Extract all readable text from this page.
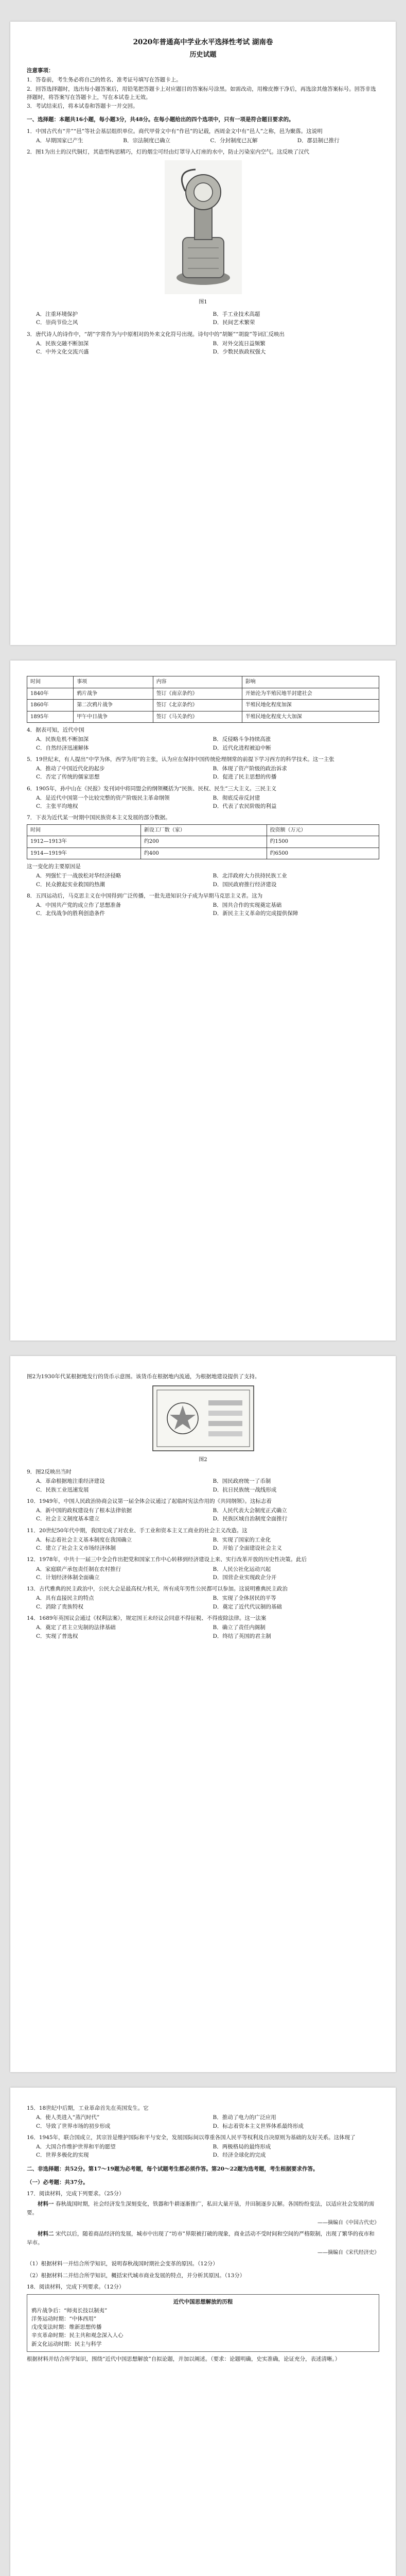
2020年普通高中学业水平选择性考试 湖南卷
历史试题
注意事项：

1．答卷前，考生务必将自己的姓名、准考证号填写在答题卡上。

2．回答选择题时，选出每小题答案后，用铅笔把答题卡上对应题目的答案标号涂黑。如需改动，用橡皮擦干净后，再选涂其他答案标号。回答非选择题时，将答案写在答题卡上，写在本试卷上无效。

3．考试结束后，将本试卷和答题卡一并交回。

一、选择题：本题共16小题，每小题3分，共48分。在每小题给出的四个选项中，只有一项是符合题目要求的。
1．中国古代有“井”“邑”等社会基层组织单位。商代甲骨文中有“作邑”的记载，西周金文中有“邑人”之称，邑为聚落。这说明
A．早期国家已产生	B．宗法制度已确立	C．分封制度已瓦解	D．郡县制已推行
2．图1为出土的汉代铜灯，其造型构思精巧，灯的烟尘可经由灯罩导入灯座的水中，防止污染室内空气。这反映了汉代
图1
A．注重环境保护	B．手工业技术高超
C．崇尚节俭之风	D．民间艺术繁荣
3．唐代诗人的诗作中，“胡”字常作为与中原相对的外来文化符号出现。诗句中的“胡姬”“胡旋”等词汇反映出
A．民族交融不断加深	B．对外交流日益频繁
C．中外文化交流兴盛	D．少数民族政权强大
时间	事项	内容	影响
1840年	鸦片战争	签订《南京条约》	开始沦为半殖民地半封建社会
1860年	第二次鸦片战争	签订《北京条约》	半殖民地化程度加深
1895年	甲午中日战争	签订《马关条约》	半殖民地化程度大大加深
4．据表可知，近代中国
A．民族危机不断加深	B．反侵略斗争持续高涨
C．自然经济迅速解体	D．近代化进程被迫中断
5．19世纪末，有人提出“中学为体，西学为用”的主张，认为应在保持中国传统伦理纲常的前提下学习西方的科学技术。这一主张
A．推动了中国近代化的起步	B．体现了资产阶级的政治诉求
C．否定了传统的儒家思想	D．促进了民主思想的传播
6．1905年，孙中山在《民报》发刊词中将同盟会的纲领概括为“民族、民权、民生”三大主义。三民主义
A．是近代中国第一个比较完整的资产阶级民主革命纲领	B．彻底反帝反封建
C．主张平均地权	D．代表了农民阶级的利益
7．下表为近代某一时期中国民族资本主义发展的部分数据。
时间	新设工厂数（家）	投资额（万元）
1912—1913年	约200	约1500
1914—1919年	约400	约6500
这一变化的主要原因是
A．列强忙于一战放松对华经济侵略	B．北洋政府大力扶持民族工业
C．民众掀起实业救国的热潮	D．国民政府推行经济建设
8．五四运动后，马克思主义在中国得到广泛传播，一批先进知识分子成为早期马克思主义者。这为
A．中国共产党的成立作了思想准备	B．国共合作的实现奠定基础
C．北伐战争的胜利创造条件	D．新民主主义革命的完成提供保障
图2为1930年代某根据地发行的货币示意图。该货币在根据地内流通，为根据地建设提供了支持。
图2
9．图2反映出当时
A．革命根据地注重经济建设	B．国民政府统一了币制
C．民族工业迅速发展	D．抗日民族统一战线形成
10．1949年，中国人民政治协商会议第一届全体会议通过了起临时宪法作用的《共同纲领》。这标志着
A．新中国的政权建设有了根本法律依据	B．人民代表大会制度正式确立
C．社会主义制度基本建立	D．民族区域自治制度全面推行
11．20世纪50年代中期，我国完成了对农业、手工业和资本主义工商业的社会主义改造。这
A．标志着社会主义基本制度在我国确立	B．实现了国家的工业化
C．建立了社会主义市场经济体制	D．开始了全面建设社会主义
12．1978年，中共十一届三中全会作出把党和国家工作中心转移到经济建设上来、实行改革开放的历史性决策。此后
A．家庭联产承包责任制在农村推行	B．人民公社化运动兴起
C．计划经济体制全面确立	D．国营企业实现政企分开
13．古代雅典的民主政治中，公民大会是最高权力机关，所有成年男性公民都可以参加。这说明雅典民主政治
A．具有直接民主的特点	B．实现了全体居民的平等
C．消除了贵族特权	D．奠定了近代代议制的基础
14．1689年英国议会通过《权利法案》，规定国王未经议会同意不得征税、不得废除法律。这一法案
A．奠定了君主立宪制的法律基础	B．确立了责任内阁制
C．实现了普选权	D．终结了英国的君主制
15．18世纪中后期，工业革命首先在英国发生。它
A．使人类进入“蒸汽时代”	B．推动了电力的广泛应用
C．导致了世界市场的初步形成	D．标志着资本主义世界体系最终形成
16．1945年，联合国成立，其宗旨是维护国际和平与安全，发展国际间以尊重各国人民平等权利及自决原则为基础的友好关系。这体现了
A．大国合作维护世界和平的愿望	B．两极格局的最终形成
C．世界多极化的实现	D．经济全球化的完成
二、非选择题：共52分。第17～19题为必考题，每个试题考生都必须作答。第20～22题为选考题，考生根据要求作答。
（一）必考题：共37分。
17．阅读材料，完成下列要求。（25分）
材料一 春秋战国时期，社会经济发生深刻变化，铁器和牛耕逐渐推广，私田大量开垦，井田制逐步瓦解。各国纷纷变法，以适应社会发展的需要。
——摘编自《中国古代史》
材料二 宋代以后，随着商品经济的发展，城市中出现了“坊市”界限被打破的现象，商业活动不受时间和空间的严格限制，出现了繁华的夜市和早市。
——摘编自《宋代经济史》
（1）根据材料一并结合所学知识，说明春秋战国时期社会变革的原因。（12分）
（2）根据材料二并结合所学知识，概括宋代城市商业发展的特点，并分析其原因。（13分）
18．阅读材料，完成下列要求。（12分）
近代中国思想解放的历程
鸦片战争后：“师夷长技以制夷”
洋务运动时期：“中体西用”
戊戌变法时期：维新思想传播
辛亥革命时期：民主共和观念深入人心
新文化运动时期：民主与科学
根据材料并结合所学知识，围绕“近代中国思想解放”自拟论题，并加以阐述。（要求：论题明确，史实准确，论证充分，表述清晰。）
